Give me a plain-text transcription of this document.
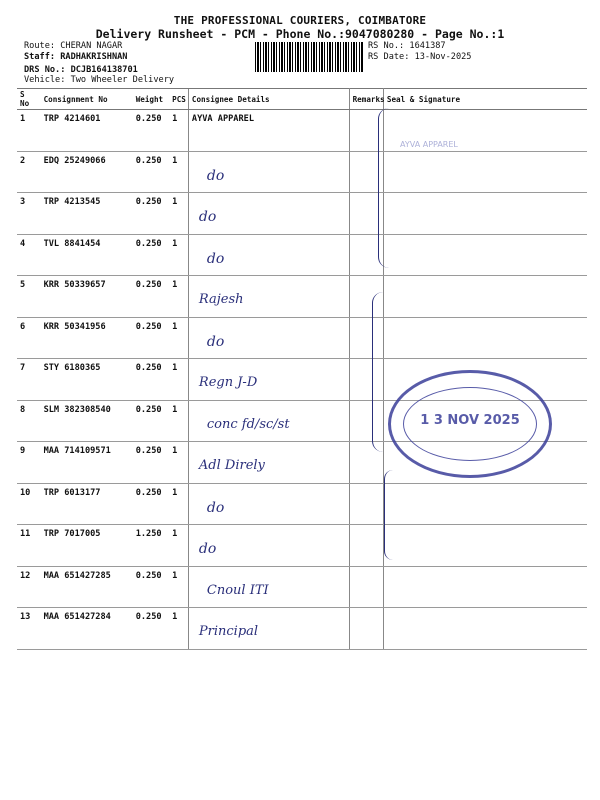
THE PROFESSIONAL COURIERS, COIMBATORE
Delivery Runsheet - PCM - Phone No.:9047080280 - Page No.:1
Route: CHERAN NAGAR
Staff: RADHAKRISHNAN
DRS No.: DCJB164138701
Vehicle: Two Wheeler Delivery
RS No.: 1641387
RS Date: 13-Nov-2025
S No	Consignment No	Weight	PCS	Consignee Details	Remarks	Seal & Signature
1	TRP 4214601	0.250	1	AYVA APPAREL		
2	EDQ 25249066	0.250	1	do		

3	TRP 4213545	0.250	1	do		

4	TVL 8841454	0.250	1	do		

5	KRR 50339657	0.250	1	Rajesh		

6	KRR 50341956	0.250	1	do		

7	STY 6180365	0.250	1	Regn J-D		

8	SLM 382308540	0.250	1	conc fd/sc/st		

9	MAA 714109571	0.250	1	Adl Direly		

10	TRP 6013177	0.250	1	do		

11	TRP 7017005	1.250	1	do		

12	MAA 651427285	0.250	1	Cnoul ITI		

13	MAA 651427284	0.250	1	Principal		

AYVA APPAREL
1 3 NOV 2025
